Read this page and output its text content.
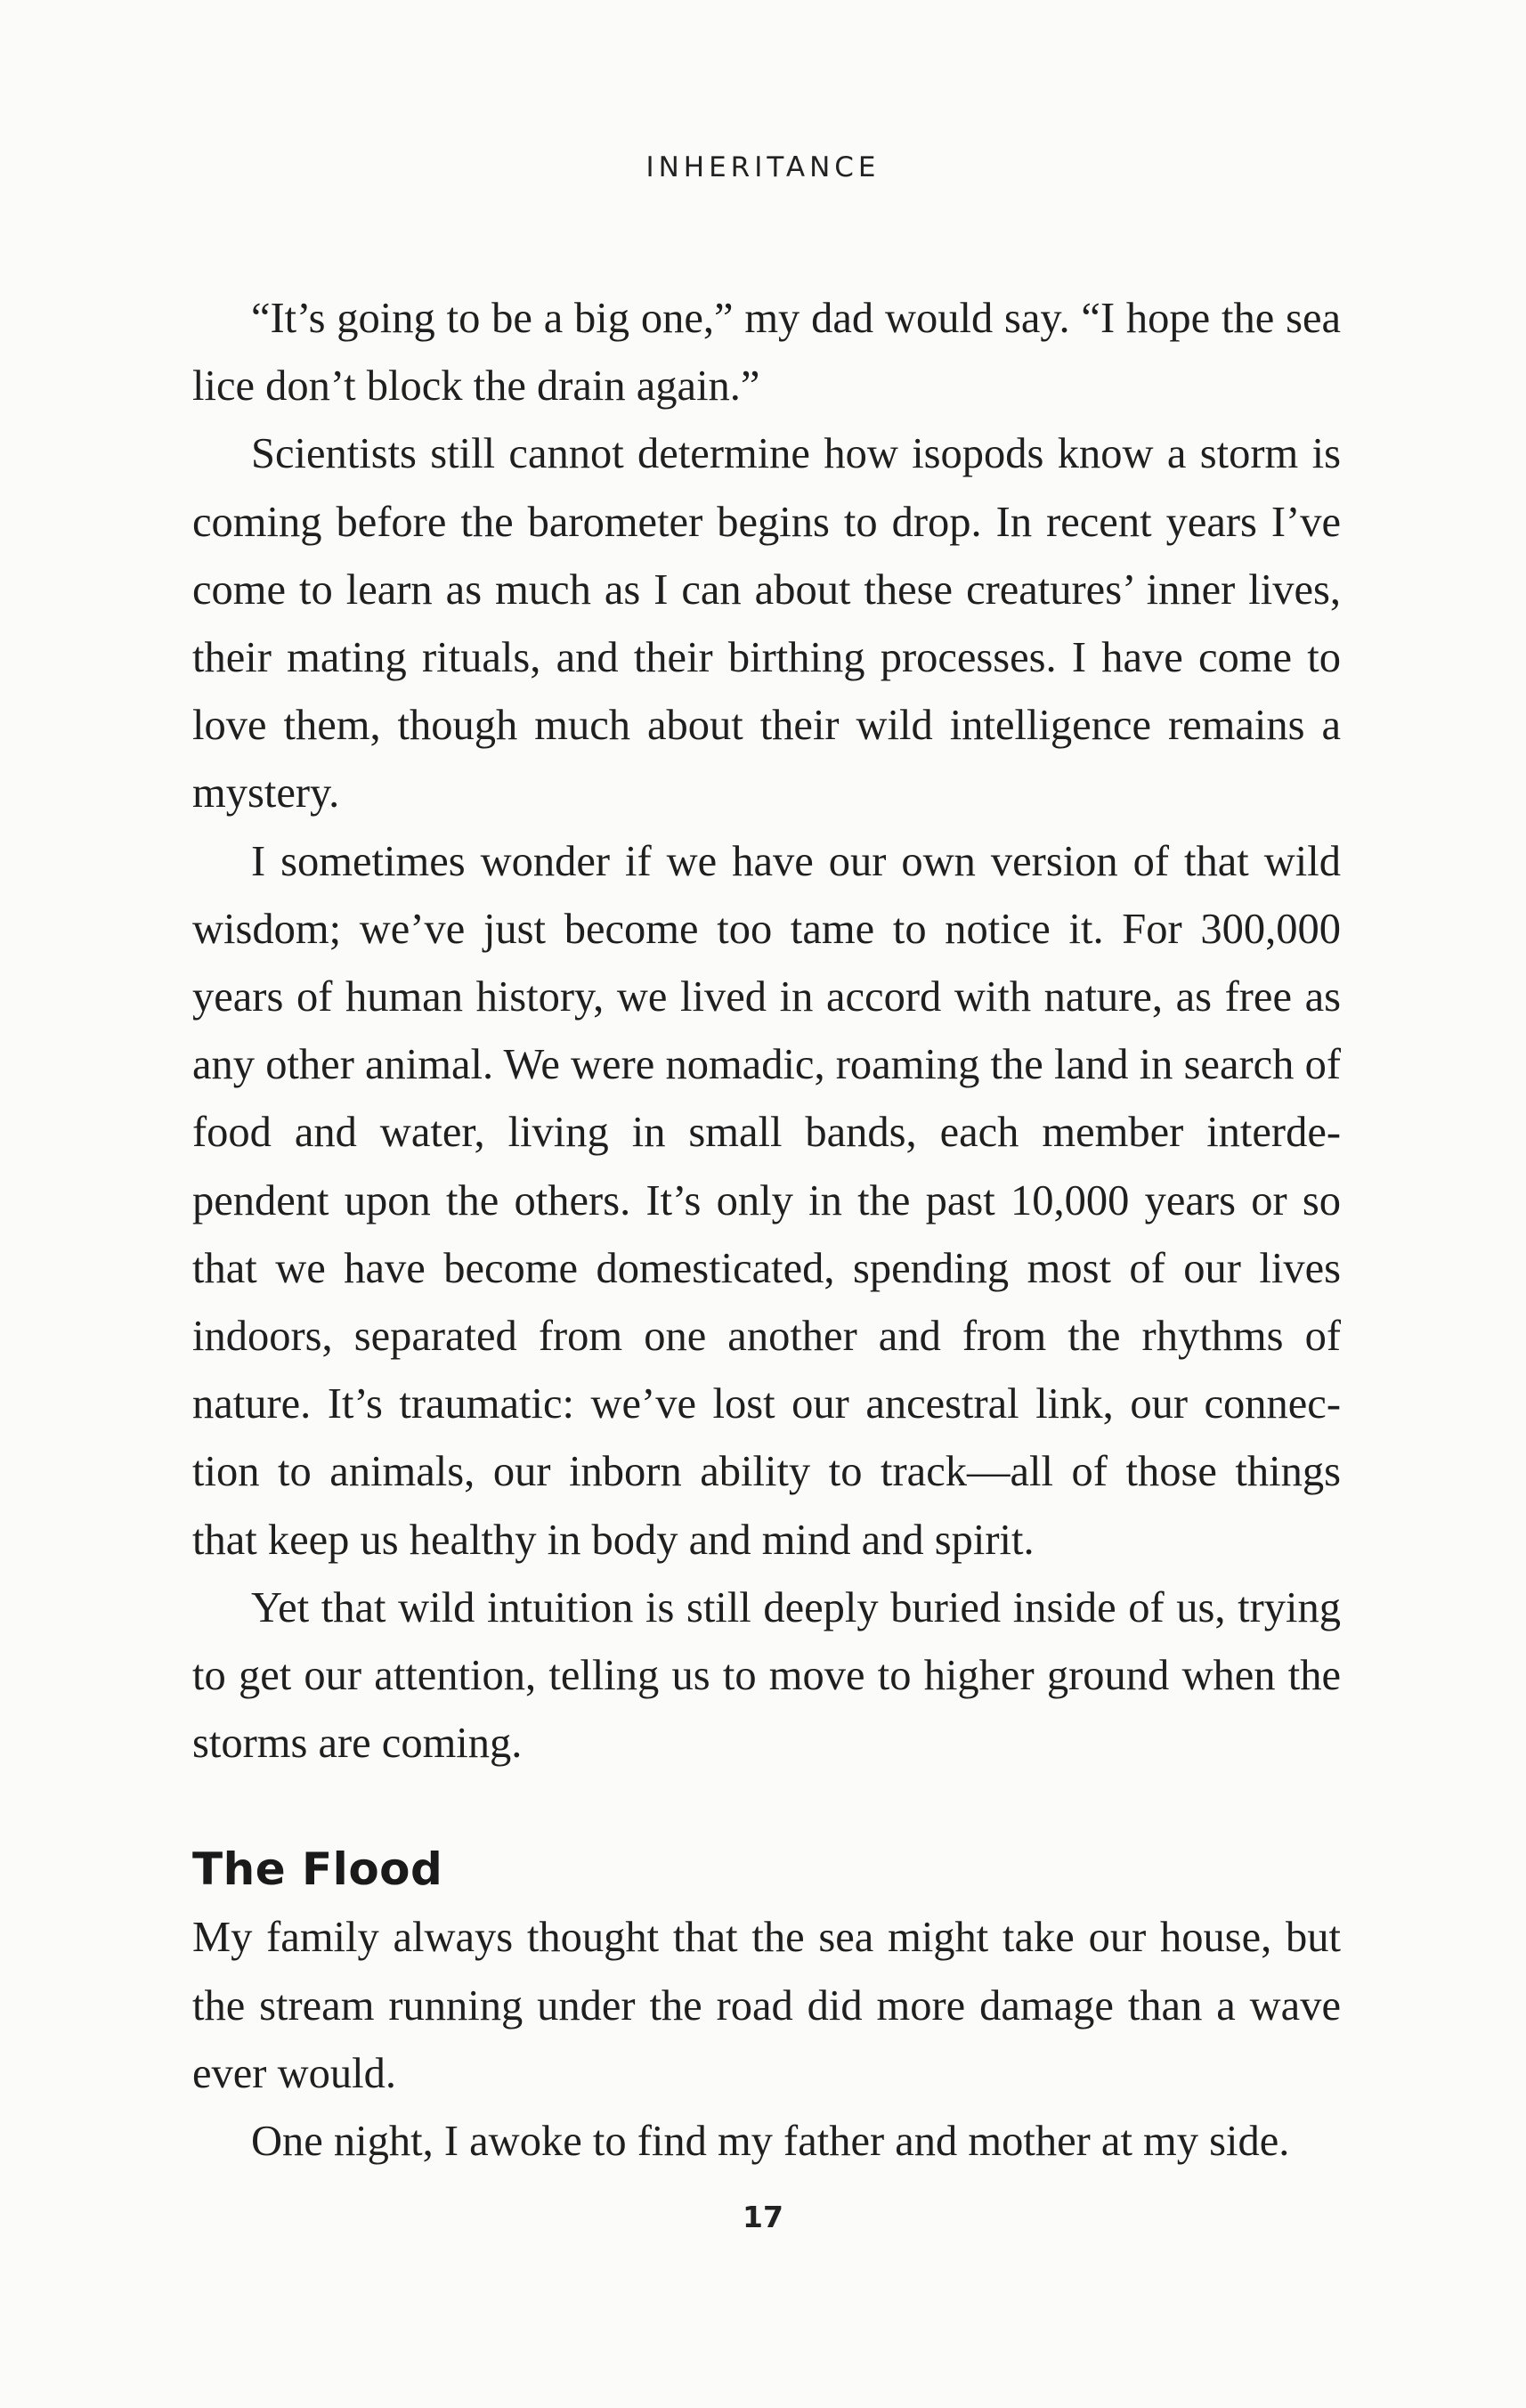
INHERITANCE

“It’s going to be a big one,” my dad would say. “I hope the sea lice don’t block the drain again.”

Scientists still cannot determine how isopods know a storm is coming before the barometer begins to drop. In recent years I’ve come to learn as much as I can about these creatures’ inner lives, their mating rituals, and their birthing processes. I have come to love them, though much about their wild intelligence remains a mystery.

I sometimes wonder if we have our own version of that wild wisdom; we’ve just become too tame to notice it. For 300,000 years of human history, we lived in accord with nature, as free as any other animal. We were nomadic, roaming the land in search of food and water, living in small bands, each member interdependent upon the others. It’s only in the past 10,000 years or so that we have become domesticated, spending most of our lives indoors, separated from one another and from the rhythms of nature. It’s traumatic: we’ve lost our ancestral link, our connection to animals, our inborn ability to track—all of those things that keep us healthy in body and mind and spirit.

Yet that wild intuition is still deeply buried inside of us, trying to get our attention, telling us to move to higher ground when the storms are coming.

The Flood

My family always thought that the sea might take our house, but the stream running under the road did more damage than a wave ever would.

One night, I awoke to find my father and mother at my side.

17
